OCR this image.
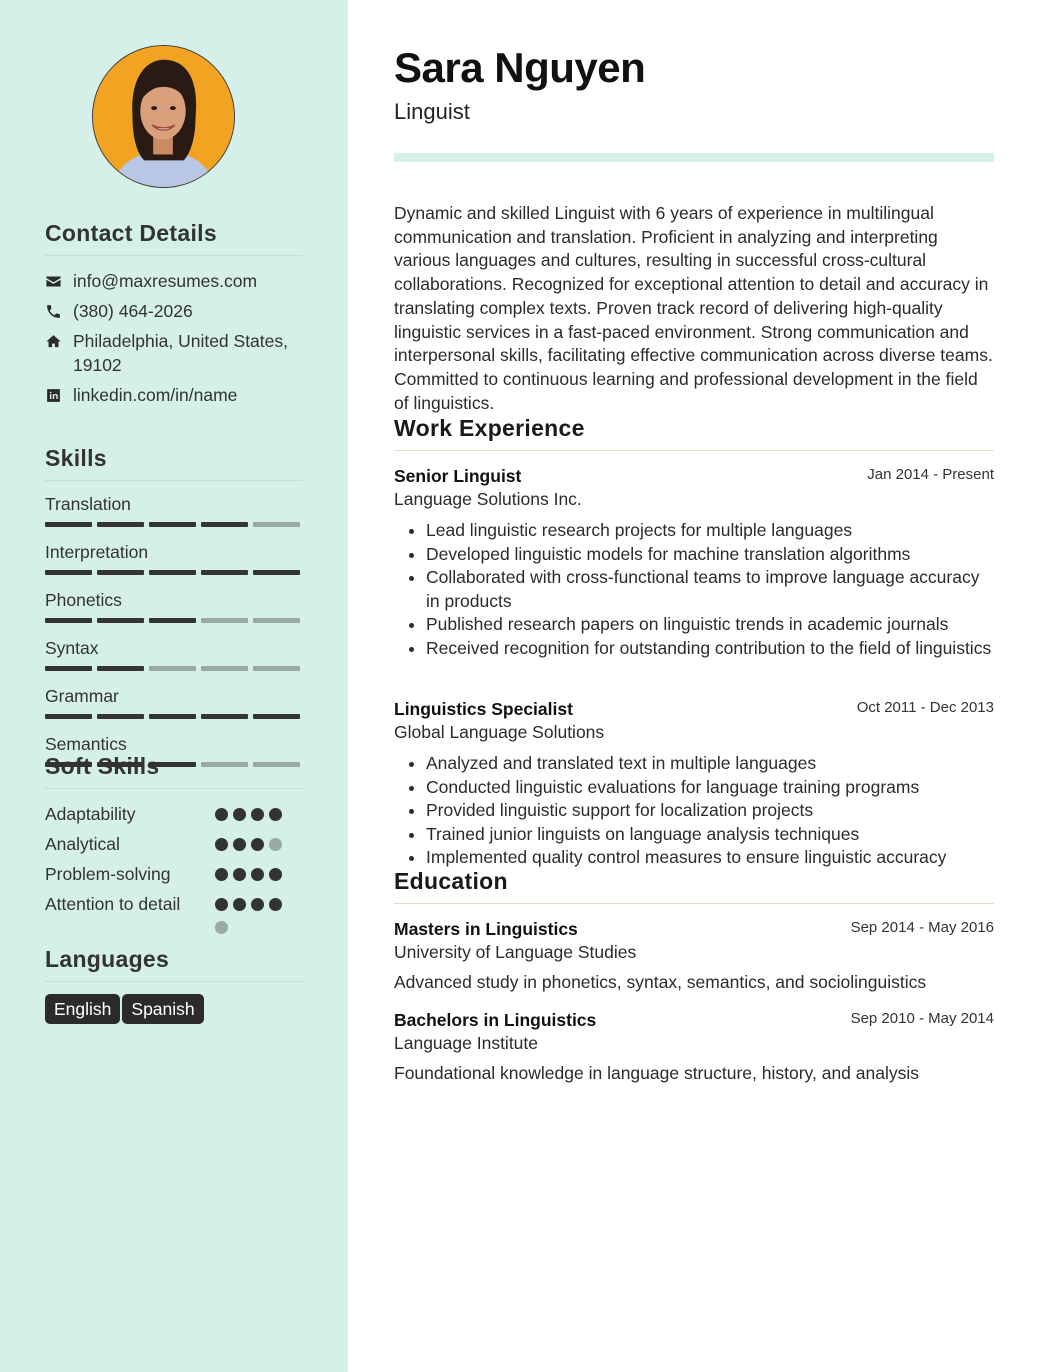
Contact Details
info@maxresumes.com
(380) 464-2026
Philadelphia, United States, 19102
linkedin.com/in/name
Skills
Translation
Interpretation
Phonetics
Syntax
Grammar
Semantics
Soft Skills
Adaptability
Analytical
Problem-solving
Attention to detail
Languages
English Spanish
Sara Nguyen
Linguist
Dynamic and skilled Linguist with 6 years of experience in multilingual communication and translation. Proficient in analyzing and interpreting various languages and cultures, resulting in successful cross-cultural collaborations. Recognized for exceptional attention to detail and accuracy in translating complex texts. Proven track record of delivering high-quality linguistic services in a fast-paced environment. Strong communication and interpersonal skills, facilitating effective communication across diverse teams. Committed to continuous learning and professional development in the field of linguistics.
Work Experience
Senior Linguist	Jan 2014 - Present
Language Solutions Inc.
• Lead linguistic research projects for multiple languages
• Developed linguistic models for machine translation algorithms
• Collaborated with cross-functional teams to improve language accuracy in products
• Published research papers on linguistic trends in academic journals
• Received recognition for outstanding contribution to the field of linguistics
Linguistics Specialist	Oct 2011 - Dec 2013
Global Language Solutions
• Analyzed and translated text in multiple languages
• Conducted linguistic evaluations for language training programs
• Provided linguistic support for localization projects
• Trained junior linguists on language analysis techniques
• Implemented quality control measures to ensure linguistic accuracy
Education
Masters in Linguistics	Sep 2014 - May 2016
University of Language Studies
Advanced study in phonetics, syntax, semantics, and sociolinguistics
Bachelors in Linguistics	Sep 2010 - May 2014
Language Institute
Foundational knowledge in language structure, history, and analysis
